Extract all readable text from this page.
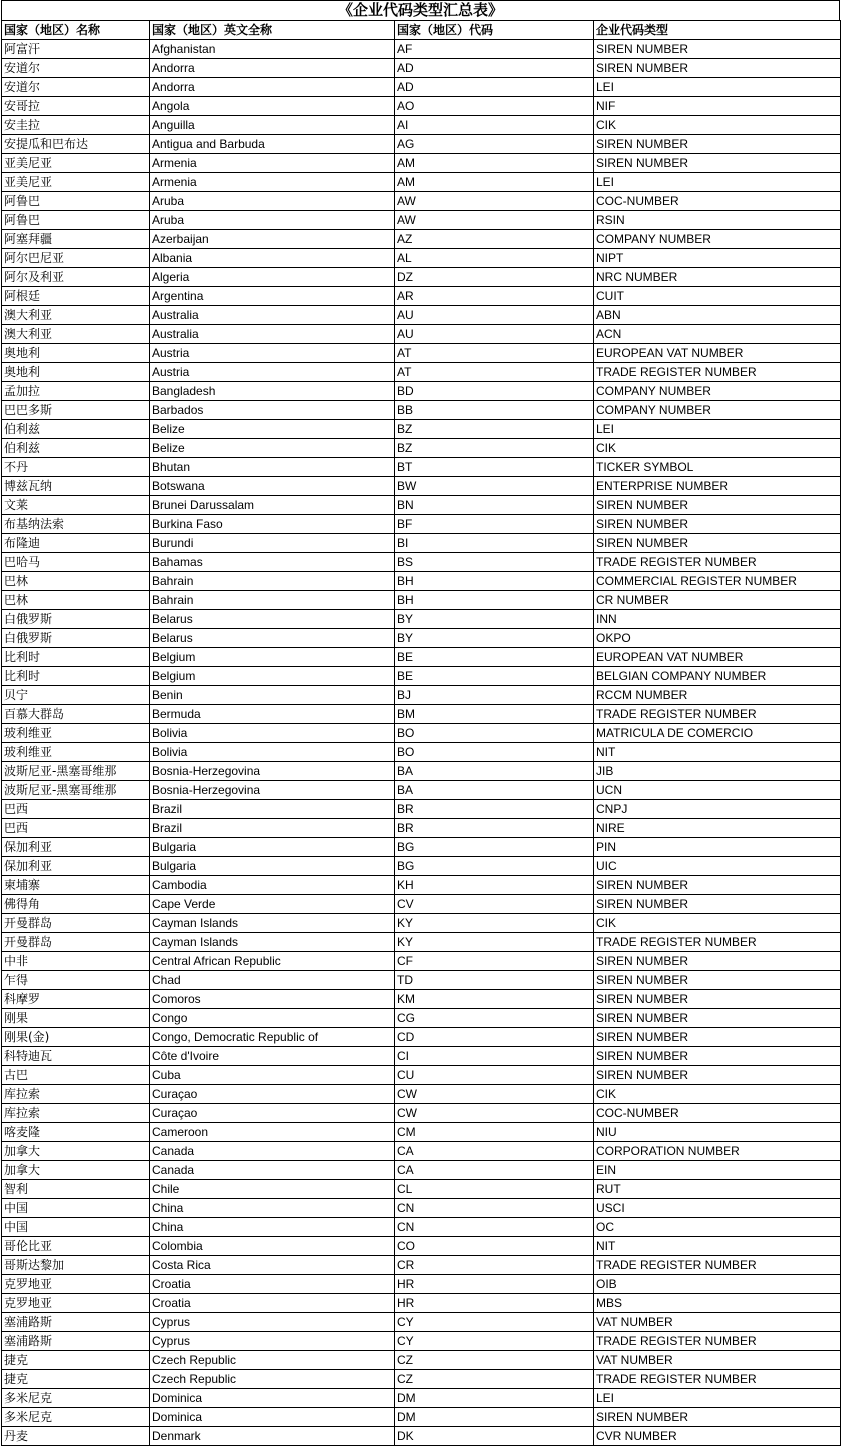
《企业代码类型汇总表》
国家（地区）名称	国家（地区）英文全称	国家（地区）代码	企业代码类型
阿富汗	Afghanistan	AF	SIREN NUMBER
安道尔	Andorra	AD	SIREN NUMBER
安道尔	Andorra	AD	LEI
安哥拉	Angola	AO	NIF
安圭拉	Anguilla	AI	CIK
安提瓜和巴布达	Antigua and Barbuda	AG	SIREN NUMBER
亚美尼亚	Armenia	AM	SIREN NUMBER
亚美尼亚	Armenia	AM	LEI
阿鲁巴	Aruba	AW	COC-NUMBER
阿鲁巴	Aruba	AW	RSIN
阿塞拜疆	Azerbaijan	AZ	COMPANY NUMBER
阿尔巴尼亚	Albania	AL	NIPT
阿尔及利亚	Algeria	DZ	NRC NUMBER
阿根廷	Argentina	AR	CUIT
澳大利亚	Australia	AU	ABN
澳大利亚	Australia	AU	ACN
奥地利	Austria	AT	EUROPEAN VAT NUMBER
奥地利	Austria	AT	TRADE REGISTER NUMBER
孟加拉	Bangladesh	BD	COMPANY NUMBER
巴巴多斯	Barbados	BB	COMPANY NUMBER
伯利兹	Belize	BZ	LEI
伯利兹	Belize	BZ	CIK
不丹	Bhutan	BT	TICKER SYMBOL
博兹瓦纳	Botswana	BW	ENTERPRISE NUMBER
文莱	Brunei Darussalam	BN	SIREN NUMBER
布基纳法索	Burkina Faso	BF	SIREN NUMBER
布隆迪	Burundi	BI	SIREN NUMBER
巴哈马	Bahamas	BS	TRADE REGISTER NUMBER
巴林	Bahrain	BH	COMMERCIAL REGISTER NUMBER
巴林	Bahrain	BH	CR NUMBER
白俄罗斯	Belarus	BY	INN
白俄罗斯	Belarus	BY	OKPO
比利时	Belgium	BE	EUROPEAN VAT NUMBER
比利时	Belgium	BE	BELGIAN COMPANY NUMBER
贝宁	Benin	BJ	RCCM NUMBER
百慕大群岛	Bermuda	BM	TRADE REGISTER NUMBER
玻利维亚	Bolivia	BO	MATRICULA DE COMERCIO
玻利维亚	Bolivia	BO	NIT
波斯尼亚-黑塞哥维那	Bosnia-Herzegovina	BA	JIB
波斯尼亚-黑塞哥维那	Bosnia-Herzegovina	BA	UCN
巴西	Brazil	BR	CNPJ
巴西	Brazil	BR	NIRE
保加利亚	Bulgaria	BG	PIN
保加利亚	Bulgaria	BG	UIC
柬埔寨	Cambodia	KH	SIREN NUMBER
佛得角	Cape Verde	CV	SIREN NUMBER
开曼群岛	Cayman Islands	KY	CIK
开曼群岛	Cayman Islands	KY	TRADE REGISTER NUMBER
中非	Central African Republic	CF	SIREN NUMBER
乍得	Chad	TD	SIREN NUMBER
科摩罗	Comoros	KM	SIREN NUMBER
刚果	Congo	CG	SIREN NUMBER
刚果(金)	Congo, Democratic Republic of	CD	SIREN NUMBER
科特迪瓦	Côte d'Ivoire	CI	SIREN NUMBER
古巴	Cuba	CU	SIREN NUMBER
库拉索	Curaçao	CW	CIK
库拉索	Curaçao	CW	COC-NUMBER
喀麦隆	Cameroon	CM	NIU
加拿大	Canada	CA	CORPORATION NUMBER
加拿大	Canada	CA	EIN
智利	Chile	CL	RUT
中国	China	CN	USCI
中国	China	CN	OC
哥伦比亚	Colombia	CO	NIT
哥斯达黎加	Costa Rica	CR	TRADE REGISTER NUMBER
克罗地亚	Croatia	HR	OIB
克罗地亚	Croatia	HR	MBS
塞浦路斯	Cyprus	CY	VAT NUMBER
塞浦路斯	Cyprus	CY	TRADE REGISTER NUMBER
捷克	Czech Republic	CZ	VAT NUMBER
捷克	Czech Republic	CZ	TRADE REGISTER NUMBER
多米尼克	Dominica	DM	LEI
多米尼克	Dominica	DM	SIREN NUMBER
丹麦	Denmark	DK	CVR NUMBER
